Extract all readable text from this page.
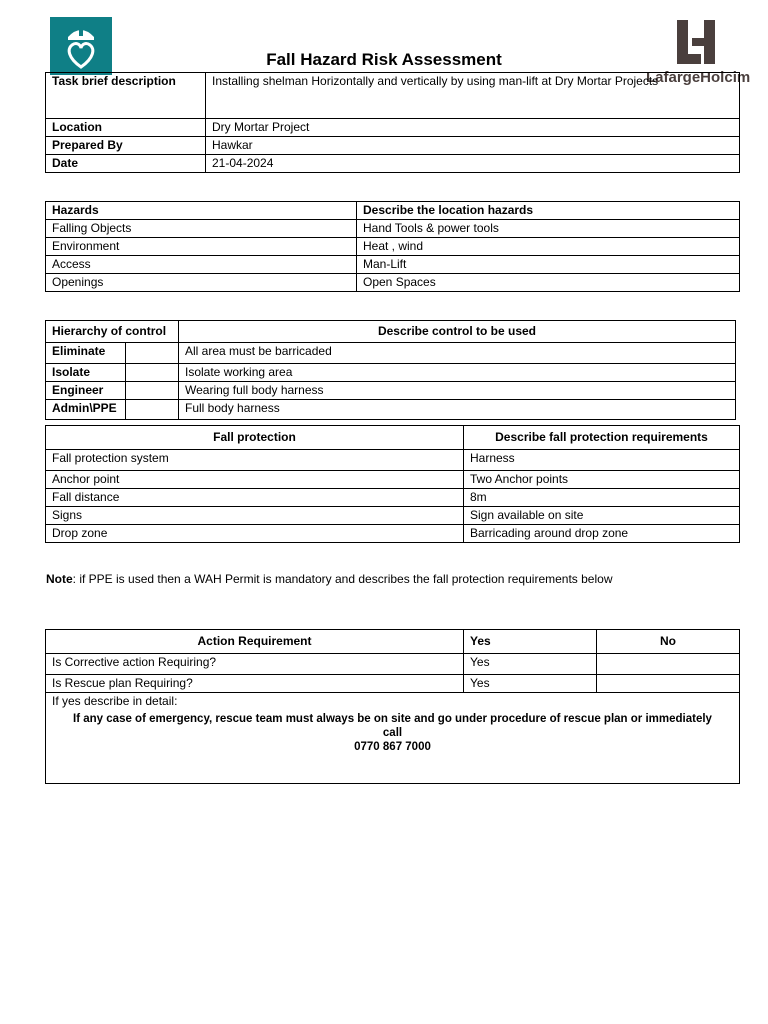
LafargeHolcim
Fall Hazard Risk Assessment
Task brief description	Installing shelman Horizontally and vertically by using man-lift at Dry Mortar Projects
Location	Dry Mortar Project
Prepared By	Hawkar
Date	21-04-2024
Hazards	Describe the location hazards
Falling Objects	Hand Tools & power tools
Environment	Heat , wind
Access	Man-Lift
Openings	Open Spaces
Hierarchy of control		Describe control to be used
Eliminate		All area must be barricaded
Isolate		Isolate working area
Engineer		Wearing full body harness
Admin\PPE		Full body harness
Fall protection	Describe fall protection requirements
Fall protection system	Harness
Anchor point	Two Anchor points
Fall distance	8m
Signs	Sign available on site
Drop zone	Barricading around drop zone
Note: if PPE is used then a WAH Permit is mandatory and describes the fall protection requirements below
Action Requirement	Yes	No
Is Corrective action Requiring?	Yes	
Is Rescue plan Requiring?	Yes	

If yes describe in detail:
If any case of emergency, rescue team must always be on site and go under procedure of rescue plan or immediately call
0770 867 7000		
